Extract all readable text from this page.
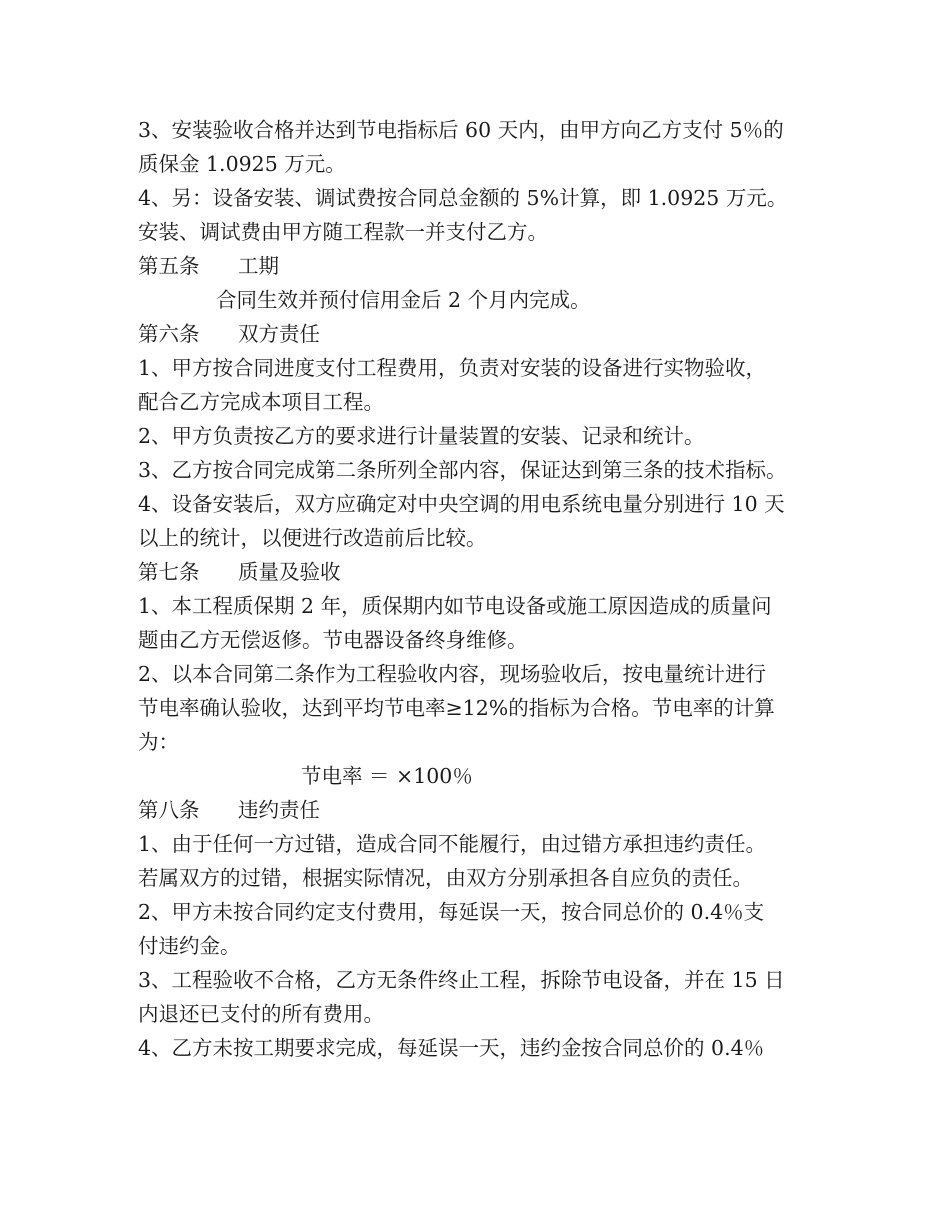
3、安装验收合格并达到节电指标后 60 天内，由甲方向乙方支付 5％的
质保金 1.0925 万元。
4、另：设备安装、调试费按合同总金额的 5%计算，即 1.0925 万元。
安装、调试费由甲方随工程款一并支付乙方。
第五条 工期
合同生效并预付信用金后 2 个月内完成。
第六条 双方责任
1、甲方按合同进度支付工程费用，负责对安装的设备进行实物验收，
配合乙方完成本项目工程。
2、甲方负责按乙方的要求进行计量装置的安装、记录和统计。
3、乙方按合同完成第二条所列全部内容，保证达到第三条的技术指标。
4、设备安装后，双方应确定对中央空调的用电系统电量分别进行 10 天
以上的统计，以便进行改造前后比较。
第七条 质量及验收
1、本工程质保期 2 年，质保期内如节电设备或施工原因造成的质量问
题由乙方无偿返修。节电器设备终身维修。
2、以本合同第二条作为工程验收内容，现场验收后，按电量统计进行
节电率确认验收，达到平均节电率≥12%的指标为合格。节电率的计算
为：
节电率 ＝ ×100％
第八条 违约责任
1、由于任何一方过错，造成合同不能履行，由过错方承担违约责任。
若属双方的过错，根据实际情况，由双方分别承担各自应负的责任。
2、甲方未按合同约定支付费用，每延误一天，按合同总价的 0.4％支
付违约金。
3、工程验收不合格，乙方无条件终止工程，拆除节电设备，并在 15 日
内退还已支付的所有费用。
4、乙方未按工期要求完成，每延误一天，违约金按合同总价的 0.4％
